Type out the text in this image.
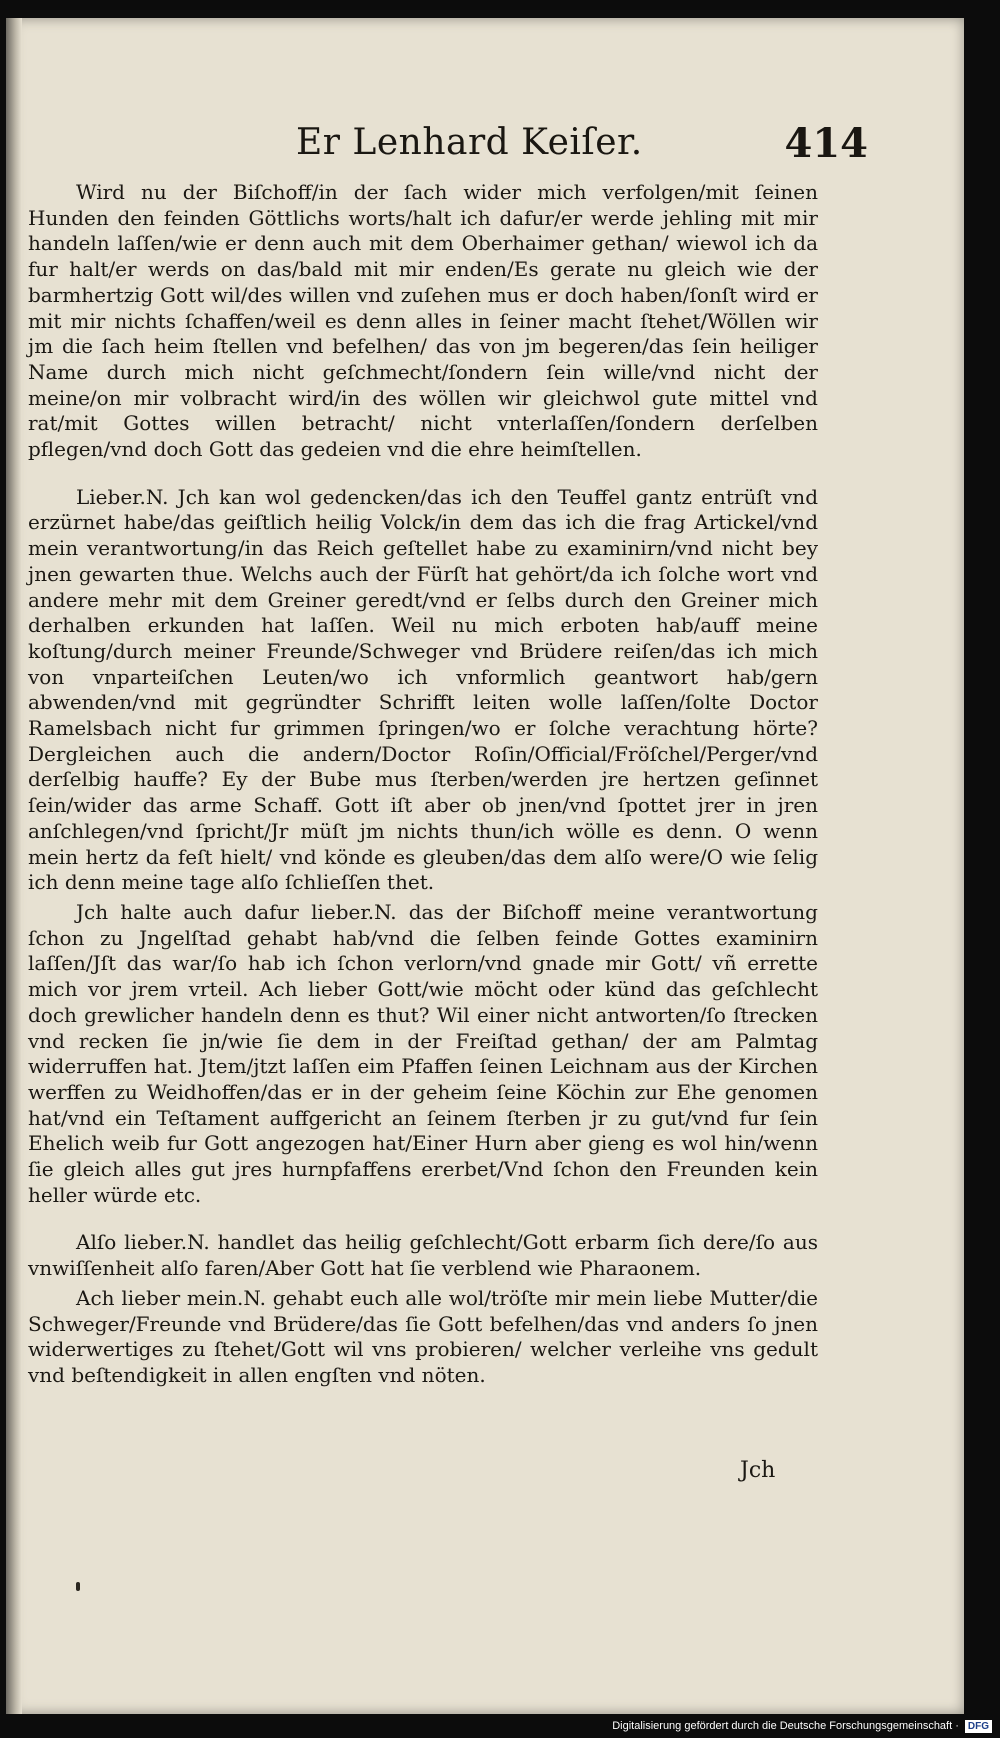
Er Lenhard Keiſer.	414

Wird nu der Biſchoff/in der ſach wider mich verfolgen/mit ſeinen Hunden den feinden Göttlichs worts/halt ich dafur/er werde jehling mit mir handeln laſſen/wie er denn auch mit dem Oberhaimer gethan/ wiewol ich da fur halt/er werds on das/bald mit mir enden/Es gerate nu gleich wie der barmhertzig Gott wil/des willen vnd zuſehen mus er doch haben/ſonſt wird er mit mir nichts ſchaffen/weil es denn alles in ſeiner macht ſtehet/Wöllen wir jm die ſach heim ſtellen vnd befelhen/ das von jm begeren/das ſein heiliger Name durch mich nicht geſchmecht/ſondern ſein wille/vnd nicht der meine/on mir volbracht wird/in des wöllen wir gleichwol gute mittel vnd rat/mit Gottes willen betracht/ nicht vnterlaſſen/ſondern derſelben pflegen/vnd doch Gott das gedeien vnd die ehre heimſtellen.

Lieber.N. Jch kan wol gedencken/das ich den Teuffel gantz entrüſt vnd erzürnet habe/das geiſtlich heilig Volck/in dem das ich die frag Artickel/vnd mein verantwortung/in das Reich geſtellet habe zu examinirn/vnd nicht bey jnen gewarten thue. Welchs auch der Fürſt hat gehört/da ich ſolche wort vnd andere mehr mit dem Greiner geredt/vnd er ſelbs durch den Greiner mich derhalben erkunden hat laſſen. Weil nu mich erboten hab/auff meine koſtung/durch meiner Freunde/Schweger vnd Brüdere reiſen/das ich mich von vnparteiſchen Leuten/wo ich vnformlich geantwort hab/gern abwenden/vnd mit gegründter Schrifft leiten wolle laſſen/ſolte Doctor Ramelsbach nicht fur grimmen ſpringen/wo er ſolche verachtung hörte? Dergleichen auch die andern/Doctor Roſin/Official/Fröſchel/Perger/vnd derſelbig hauffe? Ey der Bube mus ſterben/werden jre hertzen geſinnet ſein/wider das arme Schaff. Gott iſt aber ob jnen/vnd ſpottet jrer in jren anſchlegen/vnd ſpricht/Jr müſt jm nichts thun/ich wölle es denn. O wenn mein hertz da feſt hielt/ vnd könde es gleuben/das dem alſo were/O wie ſelig ich denn meine tage alſo ſchlieſſen thet.

Jch halte auch dafur lieber.N. das der Biſchoff meine verantwortung ſchon zu Jngelſtad gehabt hab/vnd die ſelben feinde Gottes examinirn laſſen/Jſt das war/ſo hab ich ſchon verlorn/vnd gnade mir Gott/ vñ errette mich vor jrem vrteil. Ach lieber Gott/wie möcht oder künd das geſchlecht doch grewlicher handeln denn es thut? Wil einer nicht antworten/ſo ſtrecken vnd recken ſie jn/wie ſie dem in der Freiſtad gethan/ der am Palmtag widerruffen hat. Jtem/jtzt laſſen eim Pfaffen ſeinen Leichnam aus der Kirchen werffen zu Weidhoffen/das er in der geheim ſeine Köchin zur Ehe genomen hat/vnd ein Teſtament auffgericht an ſeinem ſterben jr zu gut/vnd fur ſein Ehelich weib fur Gott angezogen hat/Einer Hurn aber gieng es wol hin/wenn ſie gleich alles gut jres hurnpfaffens ererbet/Vnd ſchon den Freunden kein heller würde etc.

Alſo lieber.N. handlet das heilig geſchlecht/Gott erbarm ſich dere/ſo aus vnwiſſenheit alſo faren/Aber Gott hat ſie verblend wie Pharaonem.

Ach lieber mein.N. gehabt euch alle wol/tröſte mir mein liebe Mutter/die Schweger/Freunde vnd Brüdere/das ſie Gott befelhen/das vnd anders ſo jnen widerwertiges zu ſtehet/Gott wil vns probieren/ welcher verleihe vns gedult vnd beſtendigkeit in allen engſten vnd nöten.

Jch
Digitalisierung gefördert durch die Deutsche Forschungsgemeinschaft · DFG
